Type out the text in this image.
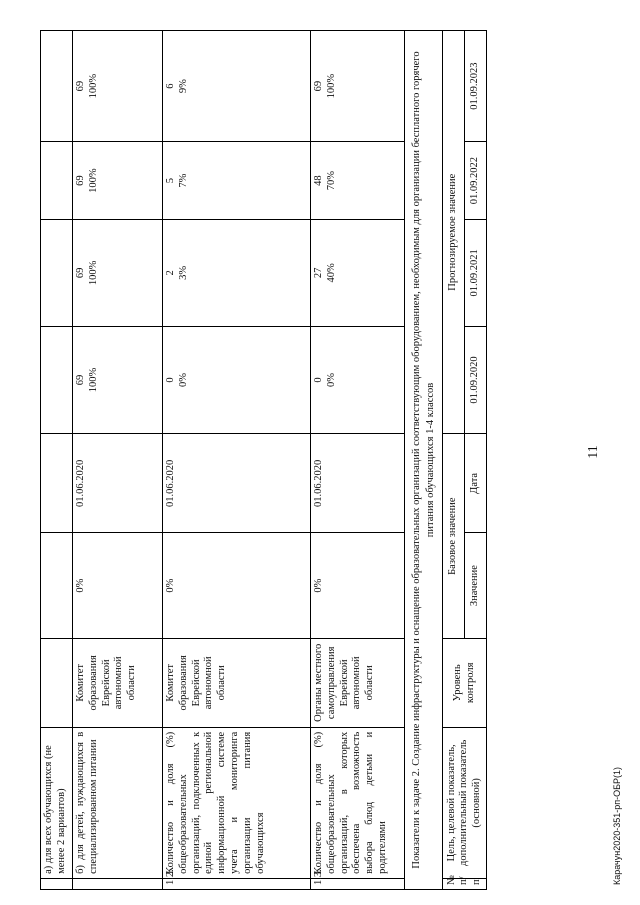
11
	а) для всех обучающихся (не менее 2 вариантов)				

	б) для детей, нуждающихся в специализированном питании	Комитет образования Еврейской автономной области	0%	01.06.2020	69 100%	69 100%	69 100%	69 100%
1.2.	Количество и доля (%) общеобразовательных организаций, подключенных к единой региональной информационной системе учета и мониторинга организации питания обучающихся	Комитет образования Еврейской автономной области	0%	01.06.2020	0 0%	2 3%	5 7%	6 9%
1.3.	Количество и доля (%) общеобразовательных организаций, в которых обеспечена возможность выбора блюд детьми и родителями	Органы местного самоуправления Еврейской автономной области	0%	01.06.2020	0 0%	27 40%	48 70%	69 100%
Показатели к задаче 2. Создание инфраструктуры и оснащение образовательных организаций соответствующим оборудованием, необходимым для организации бесплатного горячего питания обучающихся 1-4 классов								
№ п/п	Цель, целевой показатель, дополнительный показатель (основной)	Уровень контроля	Базовое значение		Прогнозируемое значение			
			Значение	Дата	01.09.2020	01.09.2021	01.09.2022	01.09.2023
Карачун2020-351-рп-ОБР(1)
